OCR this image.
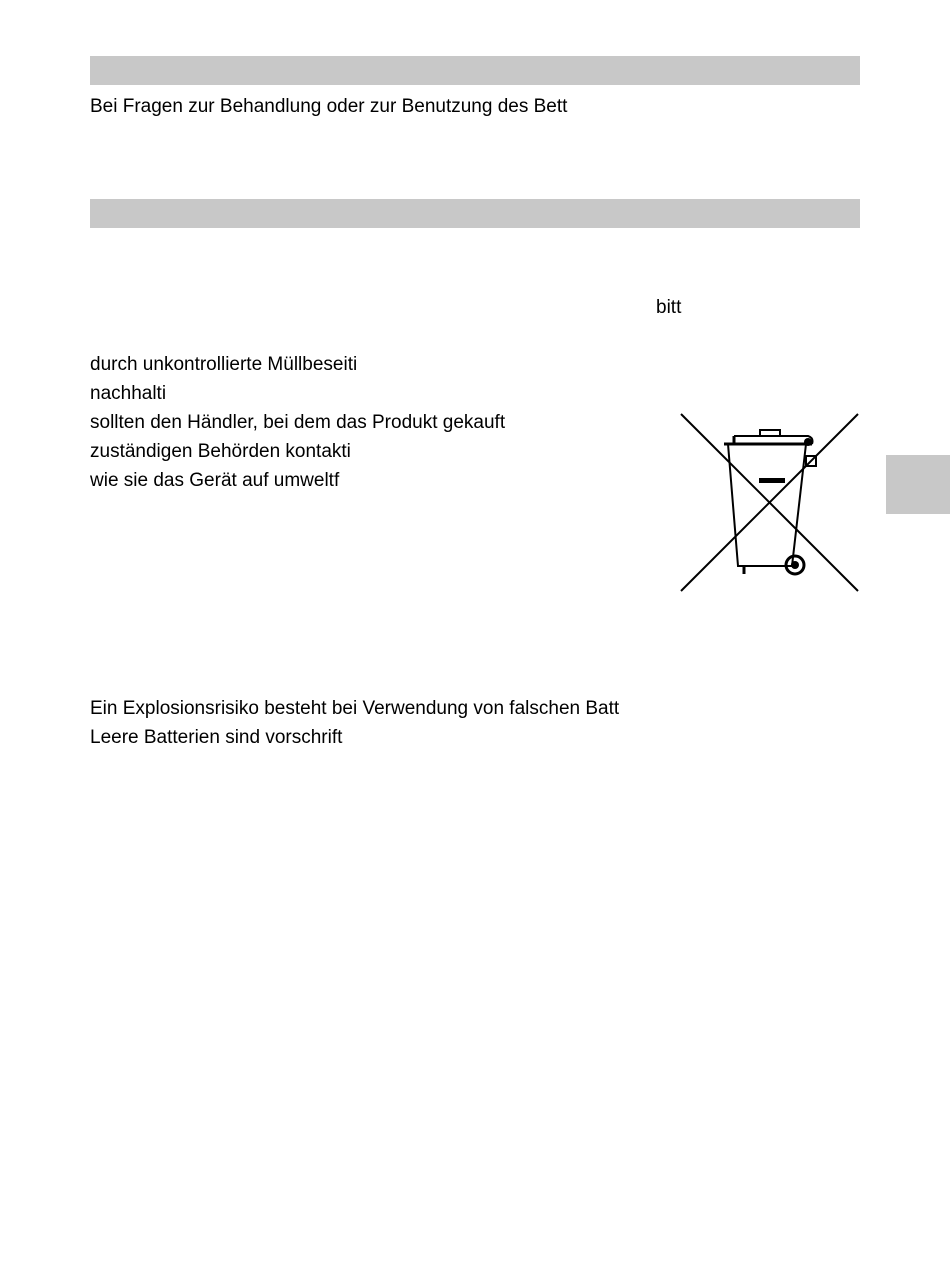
Bei Fragen zur Behandlung oder zur Benutzung des Bett
bitt
durch unkontrollierte Müllbeseiti
nachhalti
sollten den Händler, bei dem das Produkt gekauft
zuständigen Behörden kontakti
wie sie das Gerät auf umweltf
Ein Explosionsrisiko besteht bei Verwendung von falschen Batt
Leere Batterien sind vorschrift
